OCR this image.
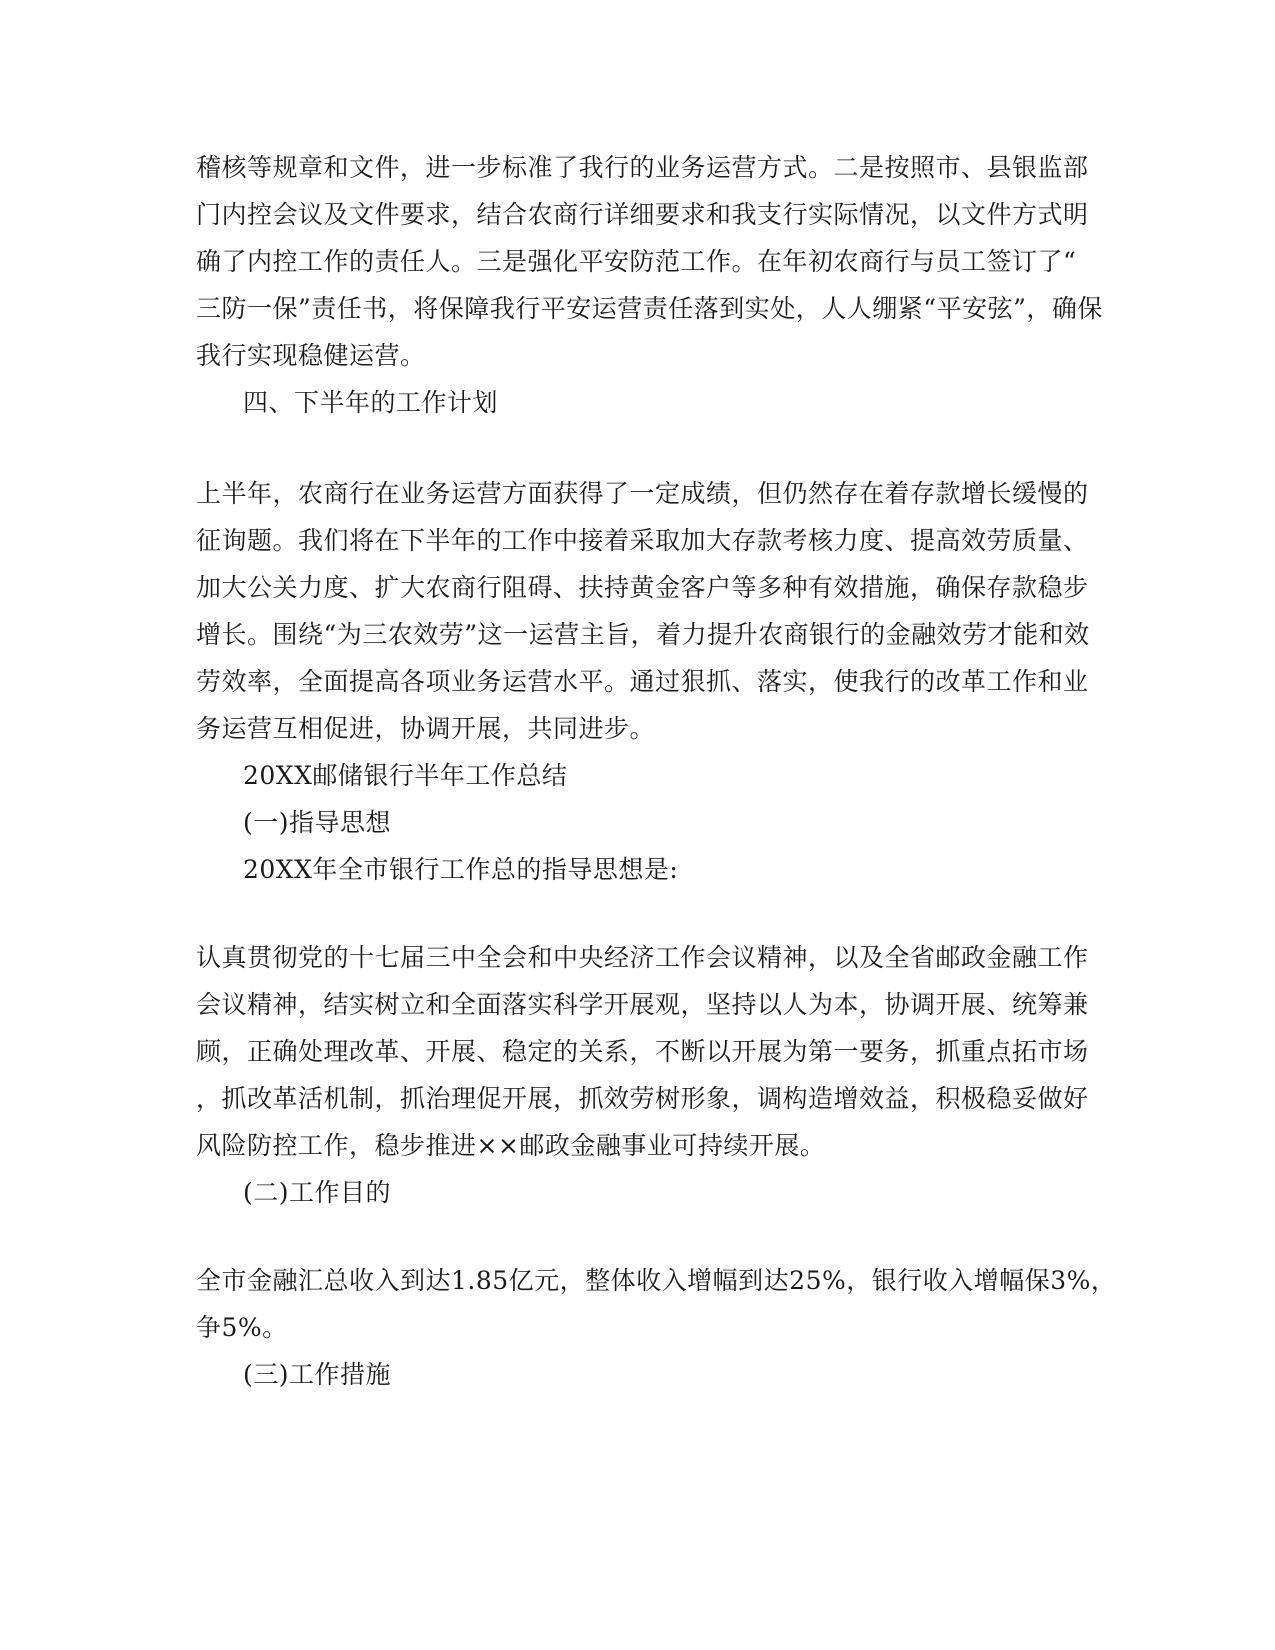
稽核等规章和文件，进一步标准了我行的业务运营方式。二是按照市、县银监部
门内控会议及文件要求，结合农商行详细要求和我支行实际情况，以文件方式明
确了内控工作的责任人。三是强化平安防范工作。在年初农商行与员工签订了“
三防一保”责任书，将保障我行平安运营责任落到实处，人人绷紧“平安弦”，确保
我行实现稳健运营。
四、下半年的工作计划
上半年，农商行在业务运营方面获得了一定成绩，但仍然存在着存款增长缓慢的
征询题。我们将在下半年的工作中接着采取加大存款考核力度、提高效劳质量、
加大公关力度、扩大农商行阻碍、扶持黄金客户等多种有效措施，确保存款稳步
增长。围绕“为三农效劳”这一运营主旨，着力提升农商银行的金融效劳才能和效
劳效率，全面提高各项业务运营水平。通过狠抓、落实，使我行的改革工作和业
务运营互相促进，协调开展，共同进步。
20XX邮储银行半年工作总结
(一)指导思想
20XX年全市银行工作总的指导思想是:
认真贯彻党的十七届三中全会和中央经济工作会议精神，以及全省邮政金融工作
会议精神，结实树立和全面落实科学开展观，坚持以人为本，协调开展、统筹兼
顾，正确处理改革、开展、稳定的关系，不断以开展为第一要务，抓重点拓市场
，抓改革活机制，抓治理促开展，抓效劳树形象，调构造增效益，积极稳妥做好
风险防控工作，稳步推进××邮政金融事业可持续开展。
(二)工作目的
全市金融汇总收入到达1.85亿元，整体收入增幅到达25%，银行收入增幅保3%，
争5%。
(三)工作措施
